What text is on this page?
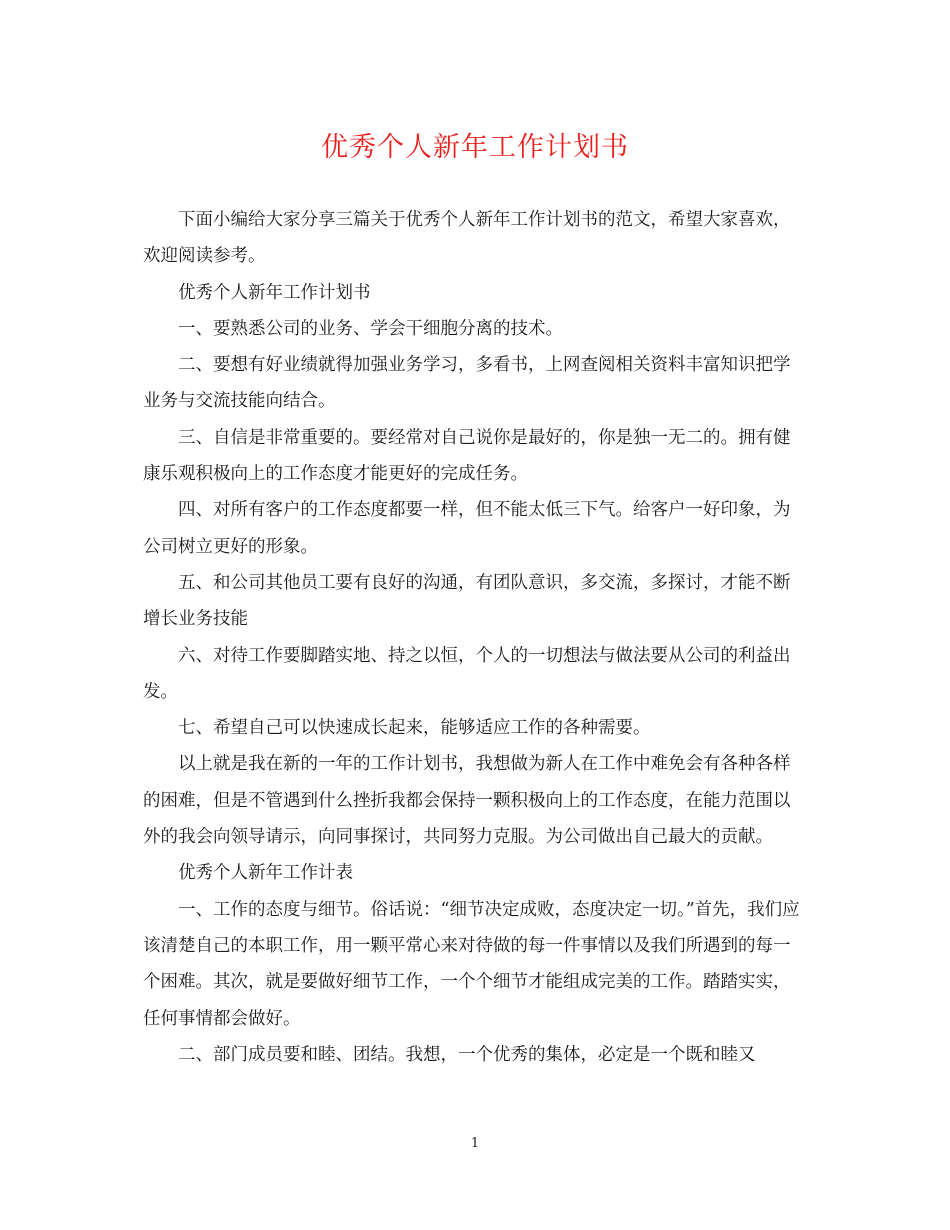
优秀个人新年工作计划书

下面小编给大家分享三篇关于优秀个人新年工作计划书的范文，希望大家喜欢，欢迎阅读参考。

优秀个人新年工作计划书

一、要熟悉公司的业务、学会干细胞分离的技术。

二、要想有好业绩就得加强业务学习，多看书，上网查阅相关资料丰富知识把学业务与交流技能向结合。

三、自信是非常重要的。要经常对自己说你是最好的，你是独一无二的。拥有健康乐观积极向上的工作态度才能更好的完成任务。

四、对所有客户的工作态度都要一样，但不能太低三下气。给客户一好印象，为公司树立更好的形象。

五、和公司其他员工要有良好的沟通，有团队意识，多交流，多探讨，才能不断增长业务技能

六、对待工作要脚踏实地、持之以恒，个人的一切想法与做法要从公司的利益出发。

七、希望自己可以快速成长起来，能够适应工作的各种需要。

以上就是我在新的一年的工作计划书，我想做为新人在工作中难免会有各种各样的困难，但是不管遇到什么挫折我都会保持一颗积极向上的工作态度，在能力范围以外的我会向领导请示，向同事探讨，共同努力克服。为公司做出自己最大的贡献。

优秀个人新年工作计表

一、工作的态度与细节。俗话说：“细节决定成败，态度决定一切。”首先，我们应该清楚自己的本职工作，用一颗平常心来对待做的每一件事情以及我们所遇到的每一个困难。其次，就是要做好细节工作，一个个细节才能组成完美的工作。踏踏实实，任何事情都会做好。

二、部门成员要和睦、团结。我想，一个优秀的集体，必定是一个既和睦又

1
